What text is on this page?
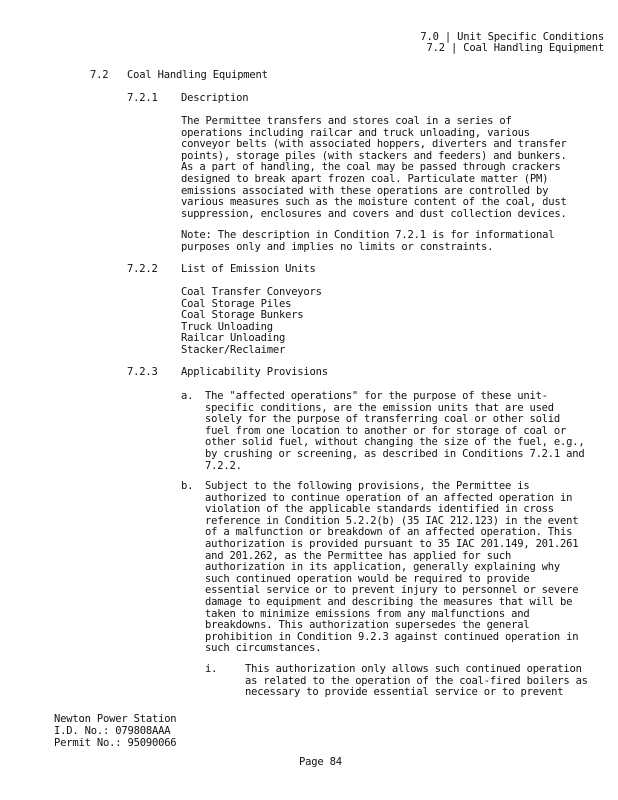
7.0 | Unit Specific Conditions
7.2 | Coal Handling Equipment
7.2 Coal Handling Equipment
7.2.1 Description
The Permittee transfers and stores coal in a series of
operations including railcar and truck unloading, various
conveyor belts (with associated hoppers, diverters and transfer
points), storage piles (with stackers and feeders) and bunkers.
As a part of handling, the coal may be passed through crackers
designed to break apart frozen coal. Particulate matter (PM)
emissions associated with these operations are controlled by
various measures such as the moisture content of the coal, dust
suppression, enclosures and covers and dust collection devices.
Note: The description in Condition 7.2.1 is for informational
purposes only and implies no limits or constraints.
7.2.2 List of Emission Units
Coal Transfer Conveyors
Coal Storage Piles
Coal Storage Bunkers
Truck Unloading
Railcar Unloading
Stacker/Reclaimer
7.2.3 Applicability Provisions
a. The "affected operations" for the purpose of these unit-
specific conditions, are the emission units that are used
solely for the purpose of transferring coal or other solid
fuel from one location to another or for storage of coal or
other solid fuel, without changing the size of the fuel, e.g.,
by crushing or screening, as described in Conditions 7.2.1 and
7.2.2.
b. Subject to the following provisions, the Permittee is
authorized to continue operation of an affected operation in
violation of the applicable standards identified in cross
reference in Condition 5.2.2(b) (35 IAC 212.123) in the event
of a malfunction or breakdown of an affected operation. This
authorization is provided pursuant to 35 IAC 201.149, 201.261
and 201.262, as the Permittee has applied for such
authorization in its application, generally explaining why
such continued operation would be required to provide
essential service or to prevent injury to personnel or severe
damage to equipment and describing the measures that will be
taken to minimize emissions from any malfunctions and
breakdowns. This authorization supersedes the general
prohibition in Condition 9.2.3 against continued operation in
such circumstances.
i.	This authorization only allows such continued operation
as related to the operation of the coal-fired boilers as
necessary to provide essential service or to prevent
Newton Power Station
I.D. No.: 079808AAA
Permit No.: 95090066
Page 84
